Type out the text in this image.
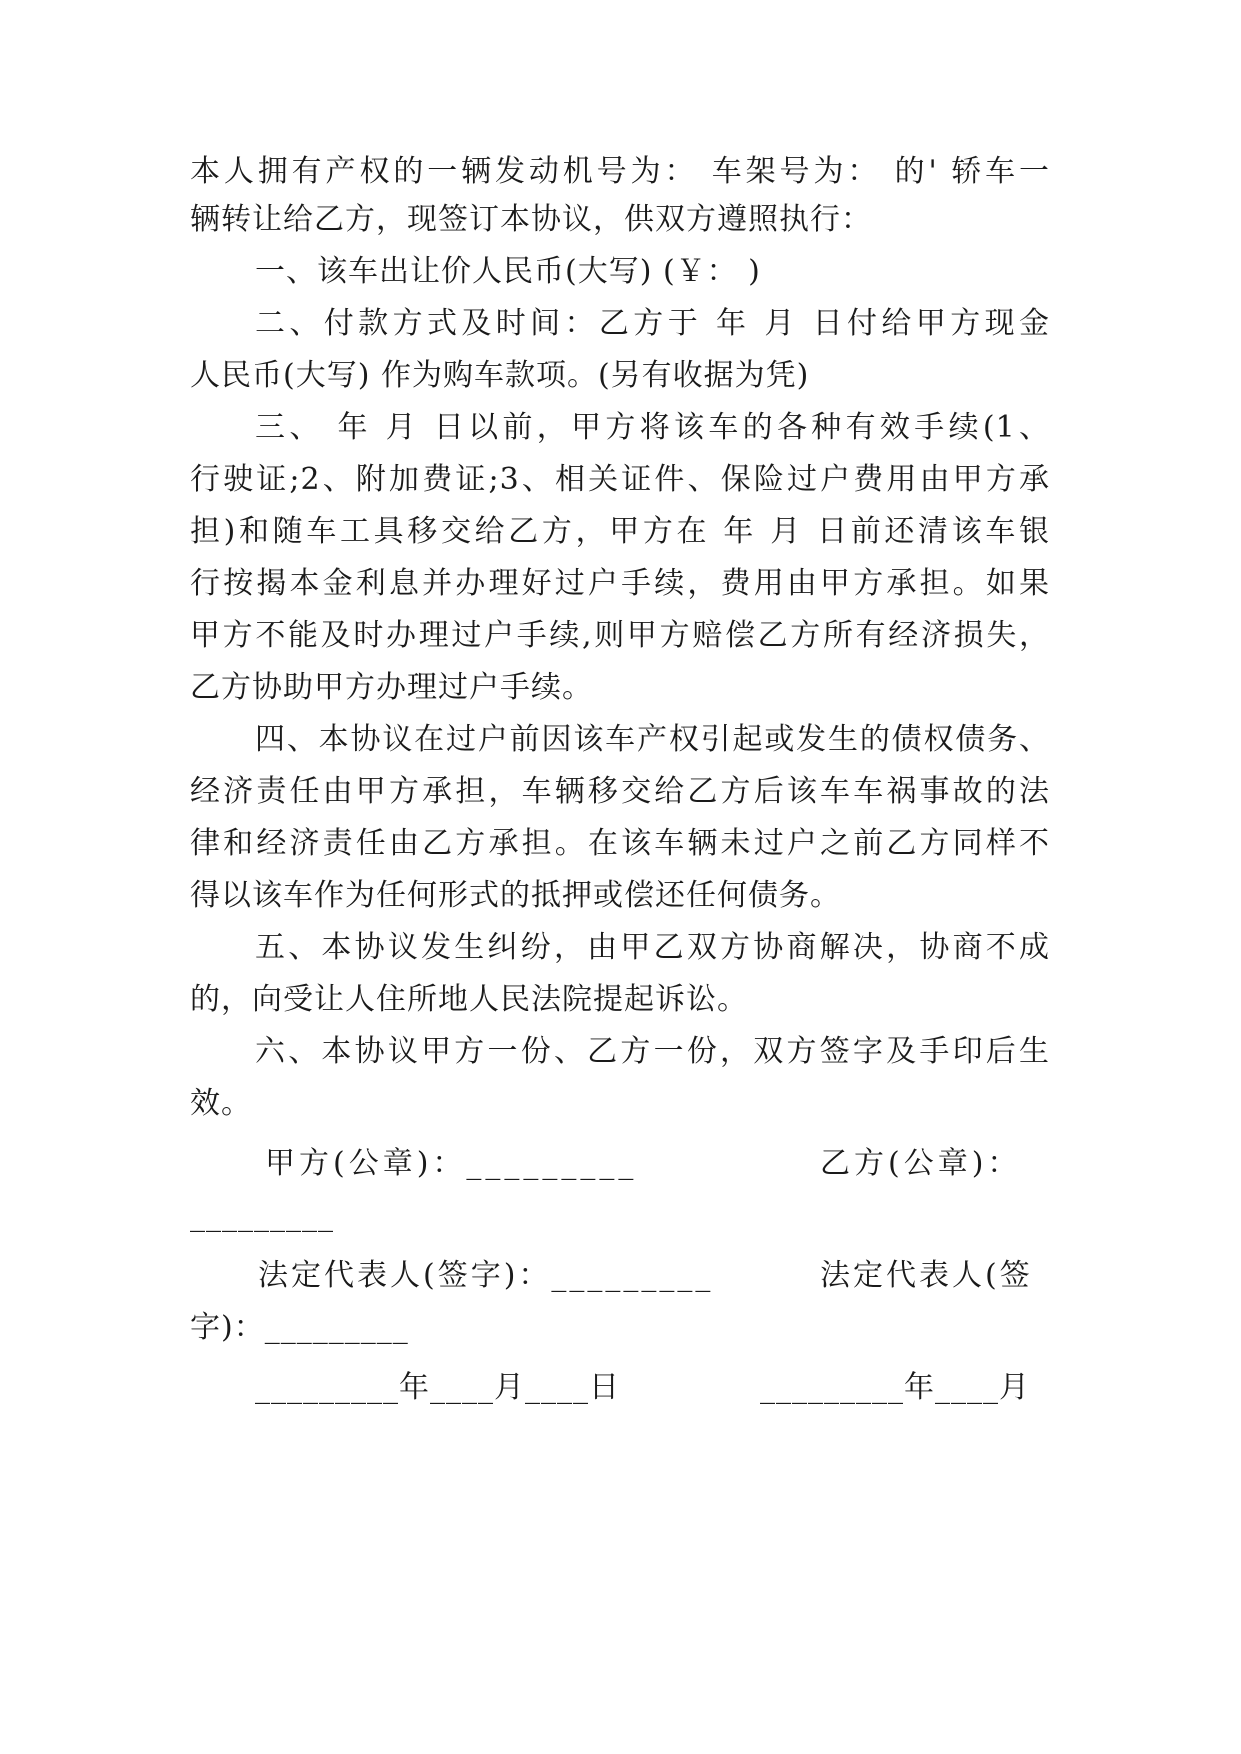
本人拥有产权的一辆发动机号为： 车架号为： 的' 轿车一
辆转让给乙方，现签订本协议，供双方遵照执行：
一、该车出让价人民币(大写) (￥： )
二、付款方式及时间：乙方于 年 月 日付给甲方现金
人民币(大写) 作为购车款项。(另有收据为凭)
三、 年 月 日以前，甲方将该车的各种有效手续(1、
行驶证;2、附加费证;3、相关证件、保险过户费用由甲方承
担)和随车工具移交给乙方，甲方在 年 月 日前还清该车银
行按揭本金利息并办理好过户手续，费用由甲方承担。如果
甲方不能及时办理过户手续,则甲方赔偿乙方所有经济损失，
乙方协助甲方办理过户手续。
四、本协议在过户前因该车产权引起或发生的债权债务、
经济责任由甲方承担，车辆移交给乙方后该车车祸事故的法
律和经济责任由乙方承担。在该车辆未过户之前乙方同样不
得以该车作为任何形式的抵押或偿还任何债务。
五、本协议发生纠纷，由甲乙双方协商解决，协商不成
的，向受让人住所地人民法院提起诉讼。
六、本协议甲方一份、乙方一份，双方签字及手印后生
效。
甲方(公章)：_________	乙方(公章)：
_________
法定代表人(签字)：_________	法定代表人(签
字)：_________
_________年____月____日	_________年____月
